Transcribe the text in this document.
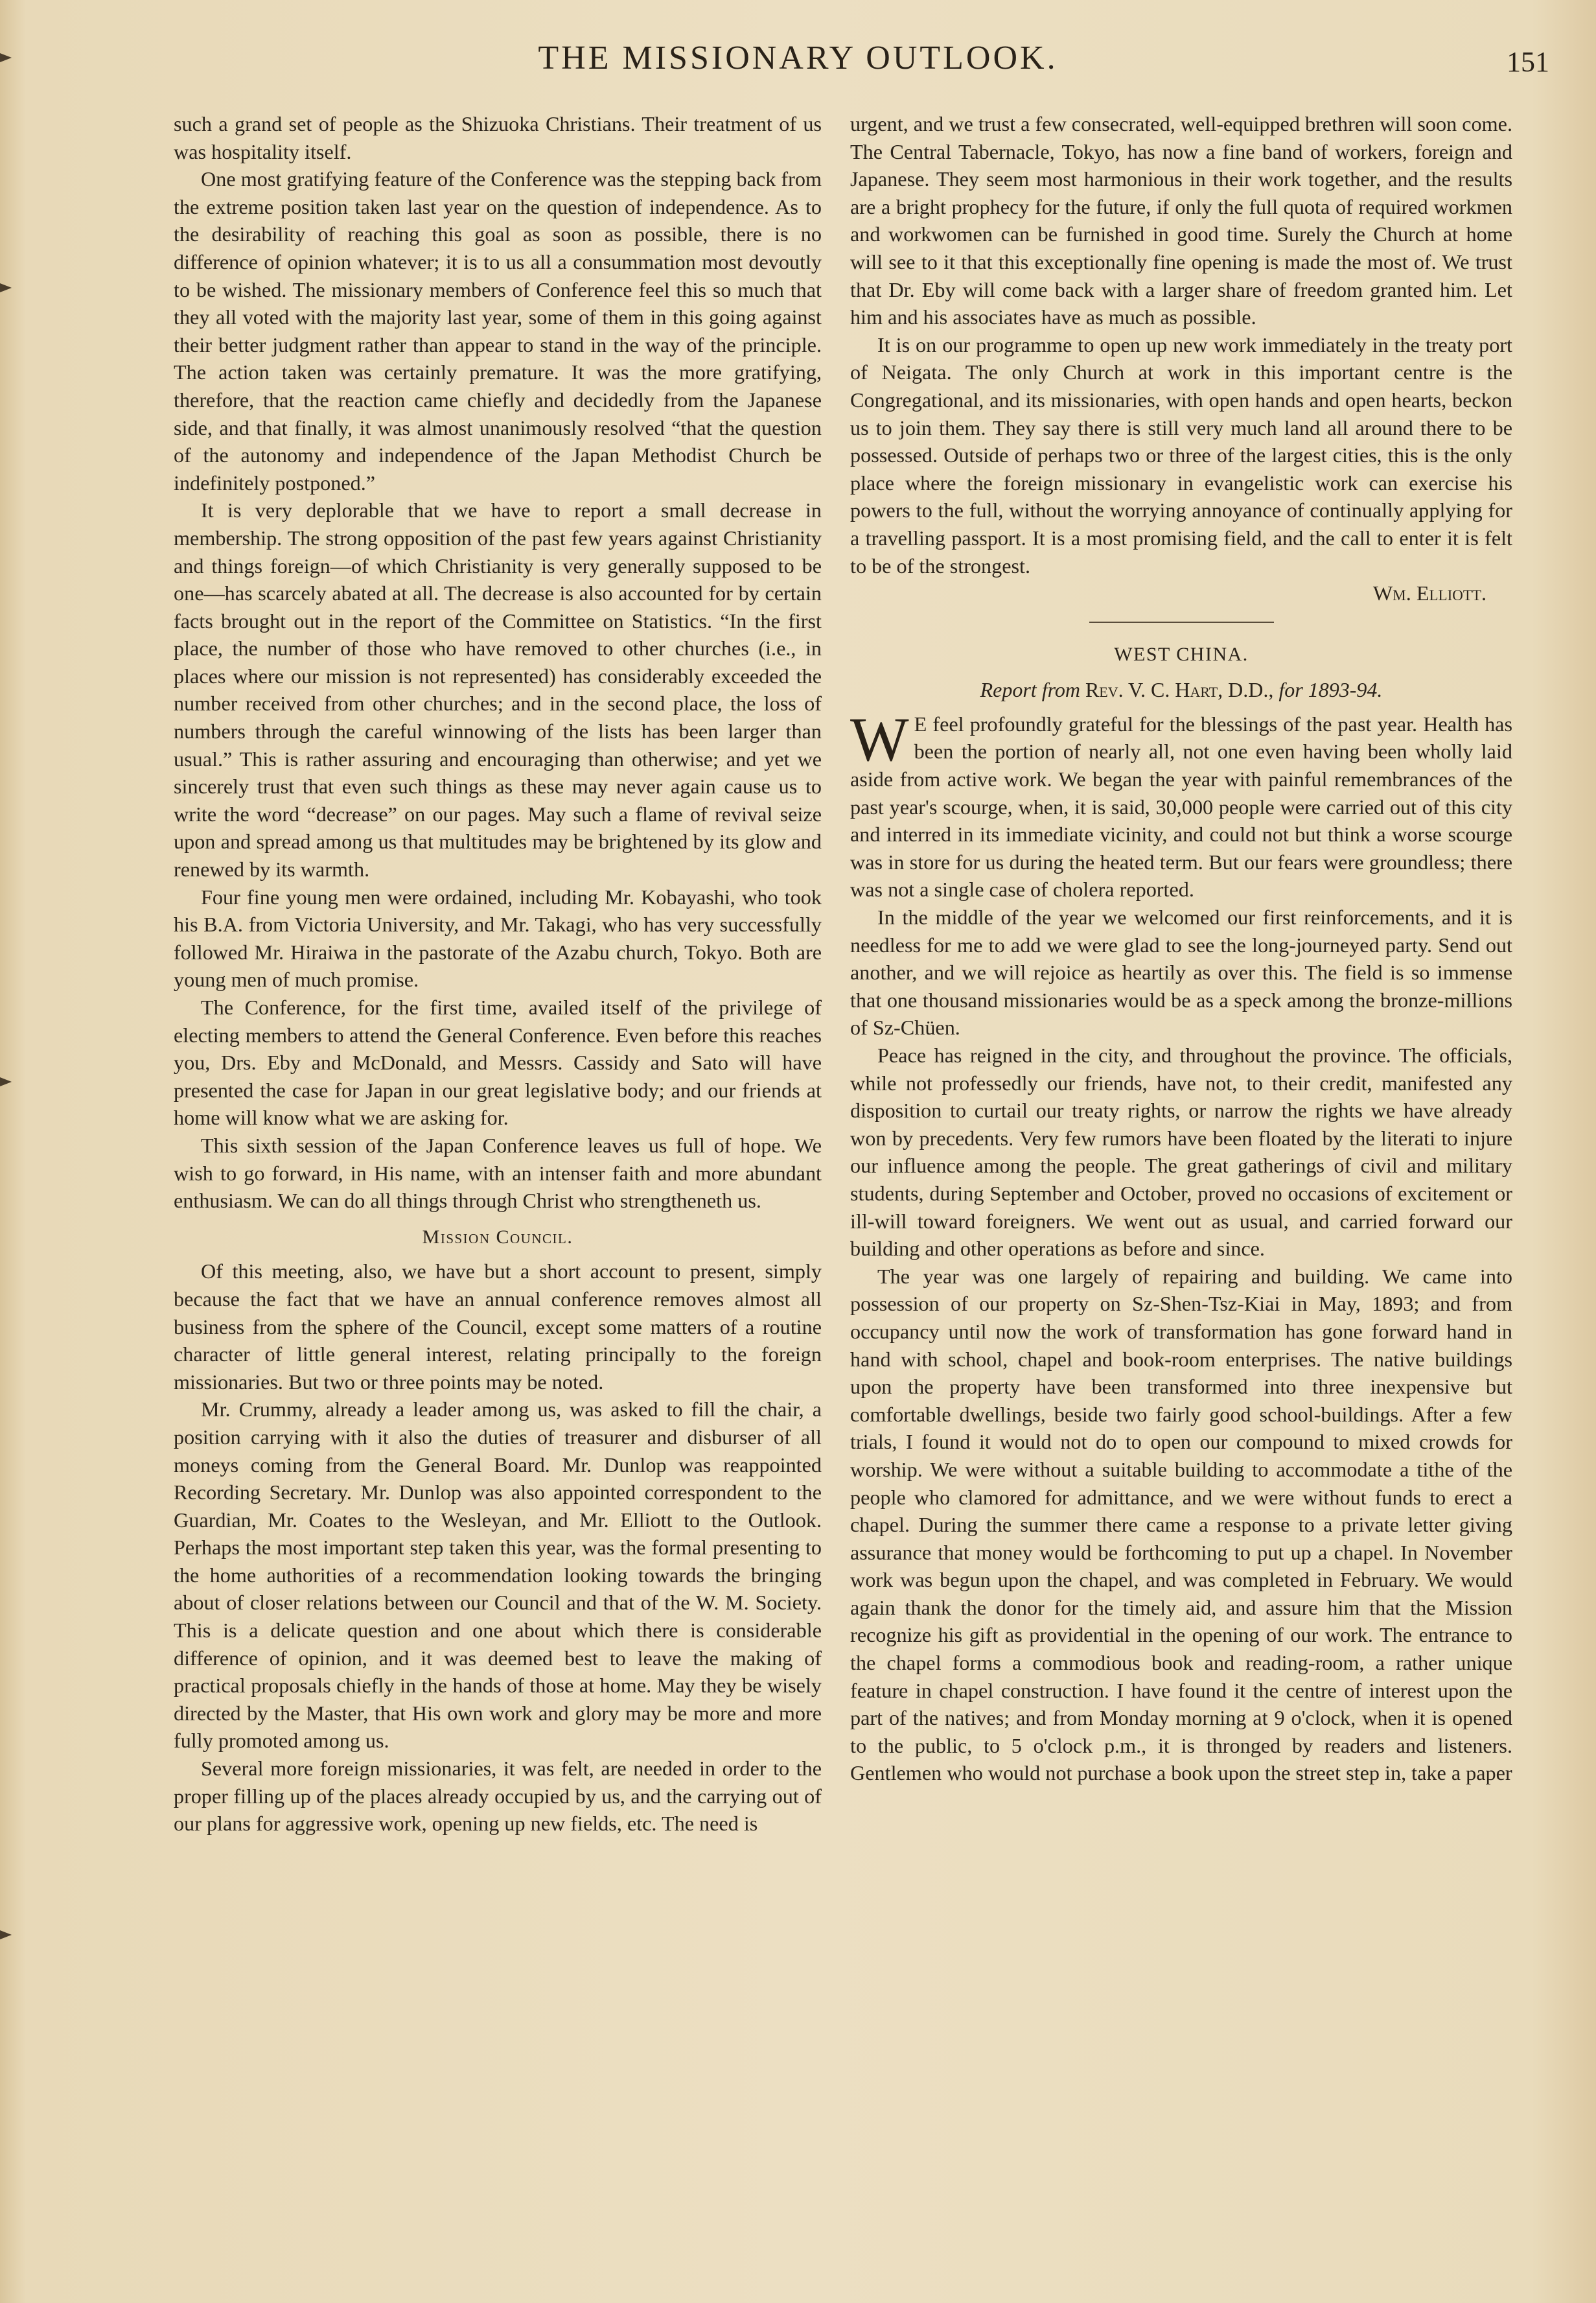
THE MISSIONARY OUTLOOK.	151

such a grand set of people as the Shizuoka Christians. Their treatment of us was hospitality itself.

One most gratifying feature of the Conference was the stepping back from the extreme position taken last year on the question of independence. As to the desirability of reaching this goal as soon as possible, there is no difference of opinion whatever; it is to us all a consummation most devoutly to be wished. The missionary members of Conference feel this so much that they all voted with the majority last year, some of them in this going against their better judgment rather than appear to stand in the way of the principle. The action taken was certainly premature. It was the more gratifying, therefore, that the reaction came chiefly and decidedly from the Japanese side, and that finally, it was almost unanimously resolved “that the question of the autonomy and independence of the Japan Methodist Church be indefinitely postponed.”

It is very deplorable that we have to report a small decrease in membership. The strong opposition of the past few years against Christianity and things foreign—of which Christianity is very generally supposed to be one—has scarcely abated at all. The decrease is also accounted for by certain facts brought out in the report of the Committee on Statistics. “In the first place, the number of those who have removed to other churches (i.e., in places where our mission is not represented) has considerably exceeded the number received from other churches; and in the second place, the loss of numbers through the careful winnowing of the lists has been larger than usual.” This is rather assuring and encouraging than otherwise; and yet we sincerely trust that even such things as these may never again cause us to write the word “decrease” on our pages. May such a flame of revival seize upon and spread among us that multitudes may be brightened by its glow and renewed by its warmth.

Four fine young men were ordained, including Mr. Kobayashi, who took his B.A. from Victoria University, and Mr. Takagi, who has very successfully followed Mr. Hiraiwa in the pastorate of the Azabu church, Tokyo. Both are young men of much promise.

The Conference, for the first time, availed itself of the privilege of electing members to attend the General Conference. Even before this reaches you, Drs. Eby and McDonald, and Messrs. Cassidy and Sato will have presented the case for Japan in our great legislative body; and our friends at home will know what we are asking for.

This sixth session of the Japan Conference leaves us full of hope. We wish to go forward, in His name, with an intenser faith and more abundant enthusiasm. We can do all things through Christ who strengtheneth us.

Mission Council.

Of this meeting, also, we have but a short account to present, simply because the fact that we have an annual conference removes almost all business from the sphere of the Council, except some matters of a routine character of little general interest, relating principally to the foreign missionaries. But two or three points may be noted.

Mr. Crummy, already a leader among us, was asked to fill the chair, a position carrying with it also the duties of treasurer and disburser of all moneys coming from the General Board. Mr. Dunlop was reappointed Recording Secretary. Mr. Dunlop was also appointed correspondent to the Guardian, Mr. Coates to the Wesleyan, and Mr. Elliott to the Outlook. Perhaps the most important step taken this year, was the formal presenting to the home authorities of a recommendation looking towards the bringing about of closer relations between our Council and that of the W. M. Society. This is a delicate question and one about which there is considerable difference of opinion, and it was deemed best to leave the making of practical proposals chiefly in the hands of those at home. May they be wisely directed by the Master, that His own work and glory may be more and more fully promoted among us.

Several more foreign missionaries, it was felt, are needed in order to the proper filling up of the places already occupied by us, and the carrying out of our plans for aggressive work, opening up new fields, etc. The need is

urgent, and we trust a few consecrated, well-equipped brethren will soon come. The Central Tabernacle, Tokyo, has now a fine band of workers, foreign and Japanese. They seem most harmonious in their work together, and the results are a bright prophecy for the future, if only the full quota of required workmen and workwomen can be furnished in good time. Surely the Church at home will see to it that this exceptionally fine opening is made the most of. We trust that Dr. Eby will come back with a larger share of freedom granted him. Let him and his associates have as much as possible.

It is on our programme to open up new work immediately in the treaty port of Neigata. The only Church at work in this important centre is the Congregational, and its missionaries, with open hands and open hearts, beckon us to join them. They say there is still very much land all around there to be possessed. Outside of perhaps two or three of the largest cities, this is the only place where the foreign missionary in evangelistic work can exercise his powers to the full, without the worrying annoyance of continually applying for a travelling passport. It is a most promising field, and the call to enter it is felt to be of the strongest.

Wm. Elliott.
WEST CHINA.
Report from Rev. V. C. Hart, D.D., for 1893-94.

W E feel profoundly grateful for the blessings of the past year. Health has been the portion of nearly all, not one even having been wholly laid aside from active work. We began the year with painful remembrances of the past year's scourge, when, it is said, 30,000 people were carried out of this city and interred in its immediate vicinity, and could not but think a worse scourge was in store for us during the heated term. But our fears were groundless; there was not a single case of cholera reported.

In the middle of the year we welcomed our first reinforcements, and it is needless for me to add we were glad to see the long-journeyed party. Send out another, and we will rejoice as heartily as over this. The field is so immense that one thousand missionaries would be as a speck among the bronze-millions of Sz-Chüen.

Peace has reigned in the city, and throughout the province. The officials, while not professedly our friends, have not, to their credit, manifested any disposition to curtail our treaty rights, or narrow the rights we have already won by precedents. Very few rumors have been floated by the literati to injure our influence among the people. The great gatherings of civil and military students, during September and October, proved no occasions of excitement or ill-will toward foreigners. We went out as usual, and carried forward our building and other operations as before and since.

The year was one largely of repairing and building. We came into possession of our property on Sz-Shen-Tsz-Kiai in May, 1893; and from occupancy until now the work of transformation has gone forward hand in hand with school, chapel and book-room enterprises. The native buildings upon the property have been transformed into three inexpensive but comfortable dwellings, beside two fairly good school-buildings. After a few trials, I found it would not do to open our compound to mixed crowds for worship. We were without a suitable building to accommodate a tithe of the people who clamored for admittance, and we were without funds to erect a chapel. During the summer there came a response to a private letter giving assurance that money would be forthcoming to put up a chapel. In November work was begun upon the chapel, and was completed in February. We would again thank the donor for the timely aid, and assure him that the Mission recognize his gift as providential in the opening of our work. The entrance to the chapel forms a commodious book and reading-room, a rather unique feature in chapel construction. I have found it the centre of interest upon the part of the natives; and from Monday morning at 9 o'clock, when it is opened to the public, to 5 o'clock p.m., it is thronged by readers and listeners. Gentlemen who would not purchase a book upon the street step in, take a paper
